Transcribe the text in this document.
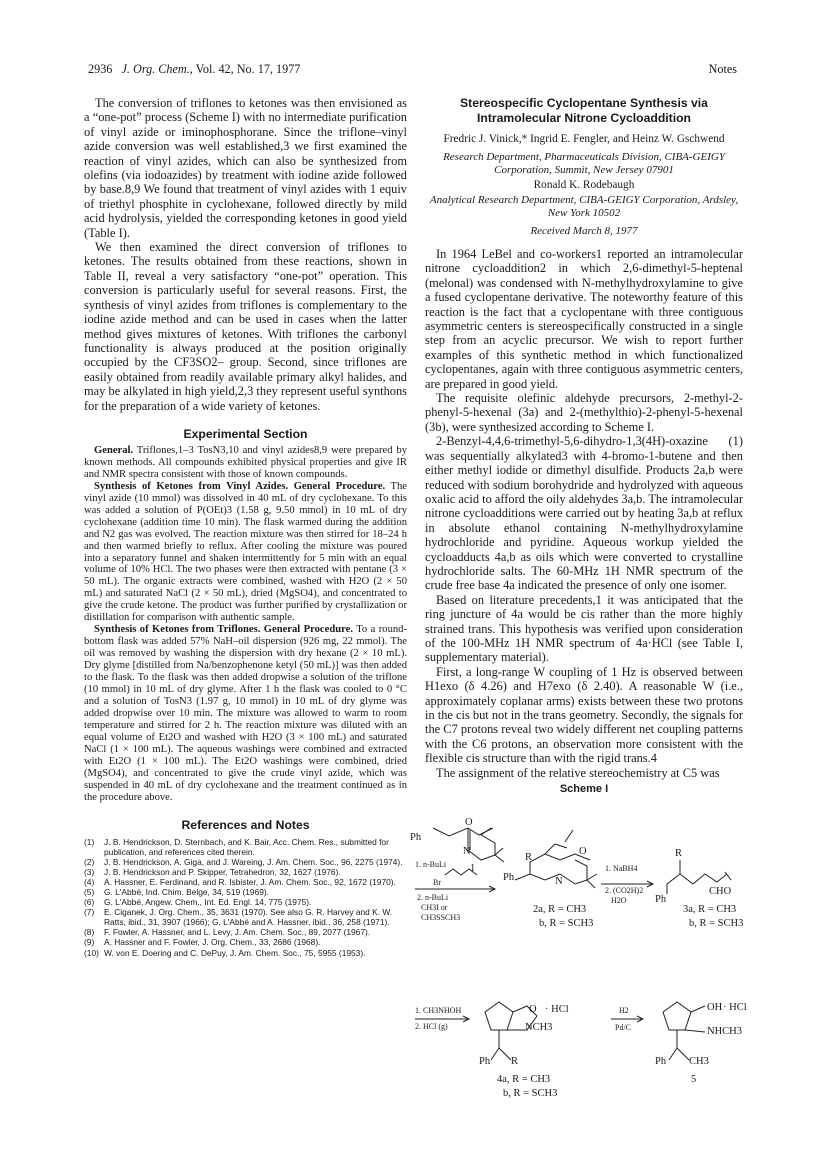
2936 J. Org. Chem., Vol. 42, No. 17, 1977	Notes

The conversion of triflones to ketones was then envisioned as a “one-pot” process (Scheme I) with no intermediate purification of vinyl azide or iminophosphorane. Since the triflone–vinyl azide conversion was well established,3 we first examined the reaction of vinyl azides, which can also be synthesized from olefins (via iodoazides) by treatment with iodine azide followed by base.8,9 We found that treatment of vinyl azides with 1 equiv of triethyl phosphite in cyclohexane, followed directly by mild acid hydrolysis, yielded the corresponding ketones in good yield (Table I).

We then examined the direct conversion of triflones to ketones. The results obtained from these reactions, shown in Table II, reveal a very satisfactory “one-pot” operation. This conversion is particularly useful for several reasons. First, the synthesis of vinyl azides from triflones is complementary to the iodine azide method and can be used in cases when the latter method gives mixtures of ketones. With triflones the carbonyl functionality is always produced at the position originally occupied by the CF3SO2– group. Second, since triflones are easily obtained from readily available primary alkyl halides, and may be alkylated in high yield,2,3 they represent useful synthons for the preparation of a wide variety of ketones.

Experimental Section

General. Triflones,1–3 TosN3,10 and vinyl azides8,9 were prepared by known methods. All compounds exhibited physical properties and give IR and NMR spectra consistent with those of known compounds.

Synthesis of Ketones from Vinyl Azides. General Procedure. The vinyl azide (10 mmol) was dissolved in 40 mL of dry cyclohexane. To this was added a solution of P(OEt)3 (1.58 g, 9.50 mmol) in 10 mL of dry cyclohexane (addition time 10 min). The flask warmed during the addition and N2 gas was evolved. The reaction mixture was then stirred for 18–24 h and then warmed briefly to reflux. After cooling the mixture was poured into a separatory funnel and shaken intermittently for 5 min with an equal volume of 10% HCl. The two phases were then extracted with pentane (3 × 50 mL). The organic extracts were combined, washed with H2O (2 × 50 mL) and saturated NaCl (2 × 50 mL), dried (MgSO4), and concentrated to give the crude ketone. The product was further purified by crystallization or distillation for comparison with authentic sample.

Synthesis of Ketones from Triflones. General Procedure. To a round-bottom flask was added 57% NaH–oil dispersion (926 mg, 22 mmol). The oil was removed by washing the dispersion with dry hexane (2 × 10 mL). Dry glyme [distilled from Na/benzophenone ketyl (50 mL)] was then added to the flask. To the flask was then added dropwise a solution of the triflone (10 mmol) in 10 mL of dry glyme. After 1 h the flask was cooled to 0 °C and a solution of TosN3 (1.97 g, 10 mmol) in 10 mL of dry glyme was added dropwise over 10 min. The mixture was allowed to warm to room temperature and stirred for 2 h. The reaction mixture was diluted with an equal volume of Et2O and washed with H2O (3 × 100 mL) and saturated NaCl (1 × 100 mL). The aqueous washings were combined and extracted with Et2O (1 × 100 mL). The Et2O washings were combined, dried (MgSO4), and concentrated to give the crude vinyl azide, which was suspended in 40 mL of dry cyclohexane and the treatment continued as in the procedure above.

References and Notes
(1) J. B. Hendrickson, D. Sternbach, and K. Bair, Acc. Chem. Res., submitted for publication, and references cited therein.
(2) J. B. Hendrickson, A. Giga, and J. Wareing, J. Am. Chem. Soc., 96, 2275 (1974).
(3) J. B. Hendrickson and P. Skipper, Tetrahedron, 32, 1627 (1976).
(4) A. Hassner, E. Ferdinand, and R. Isbister, J. Am. Chem. Soc., 92, 1672 (1970).
(5) G. L'Abbé, Ind. Chim. Belge, 34, 519 (1969).
(6) G. L'Abbé, Angew. Chem., Int. Ed. Engl. 14, 775 (1975).
(7) E. Ciganek, J. Org. Chem., 35, 3631 (1970). See also G. R. Harvey and K. W. Ratts, ibid., 31, 3907 (1966); G. L'Abbé and A. Hassner, ibid., 36, 258 (1971).
(8) F. Fowler, A. Hassner, and L. Levy, J. Am. Chem. Soc., 89, 2077 (1967).
(9) A. Hassner and F. Fowler, J. Org. Chem., 33, 2686 (1968).
(10) W. von E. Doering and C. DePuy, J. Am. Chem. Soc., 75, 5955 (1953).
Stereospecific Cyclopentane Synthesis via Intramolecular Nitrone Cycloaddition
Fredric J. Vinick,* Ingrid E. Fengler, and Heinz W. Gschwend
Research Department, Pharmaceuticals Division, CIBA-GEIGY Corporation, Summit, New Jersey 07901
Ronald K. Rodebaugh
Analytical Research Department, CIBA-GEIGY Corporation, Ardsley, New York 10502
Received March 8, 1977

In 1964 LeBel and co-workers1 reported an intramolecular nitrone cycloaddition2 in which 2,6-dimethyl-5-heptenal (melonal) was condensed with N-methylhydroxylamine to give a fused cyclopentane derivative. The noteworthy feature of this reaction is the fact that a cyclopentane with three contiguous asymmetric centers is stereospecifically constructed in a single step from an acyclic precursor. We wish to report further examples of this synthetic method in which functionalized cyclopentanes, again with three contiguous asymmetric centers, are prepared in good yield.

The requisite olefinic aldehyde precursors, 2-methyl-2-phenyl-5-hexenal (3a) and 2-(methylthio)-2-phenyl-5-hexenal (3b), were synthesized according to Scheme I.

2-Benzyl-4,4,6-trimethyl-5,6-dihydro-1,3(4H)-oxazine (1) was sequentially alkylated3 with 4-bromo-1-butene and then either methyl iodide or dimethyl disulfide. Products 2a,b were reduced with sodium borohydride and hydrolyzed with aqueous oxalic acid to afford the oily aldehydes 3a,b. The intramolecular nitrone cycloadditions were carried out by heating 3a,b at reflux in absolute ethanol containing N-methylhydroxylamine hydrochloride and pyridine. Aqueous workup yielded the cycloadducts 4a,b as oils which were converted to crystalline hydrochloride salts. The 60-MHz 1H NMR spectrum of the crude free base 4a indicated the presence of only one isomer.

Based on literature precedents,1 it was anticipated that the ring juncture of 4a would be cis rather than the more highly strained trans. This hypothesis was verified upon consideration of the 100-MHz 1H NMR spectrum of 4a·HCl (see Table I, supplementary material).

First, a long-range W coupling of 1 Hz is observed between H1exo (δ 4.26) and H7exo (δ 2.40). A reasonable W (i.e., approximately coplanar arms) exists between these two protons in the cis but not in the trans geometry. Secondly, the signals for the C7 protons reveal two widely different net coupling patterns with the C6 protons, an observation more consistent with the flexible cis structure than with the rigid trans.4

The assignment of the relative stereochemistry at C5 was

Scheme I
Ph
O
N
1
1. n-BuLi
Br
2. n-BuLi
CH3I or
CH3SSCH3
R
Ph
O
N
2a, R = CH3
b, R = SCH3
1. NaBH4
2. (CO2H)2
H2O
R
Ph
CHO
3a, R = CH3
b, R = SCH3
1. CH3NHOH
2. HCl (g)
O · HCl
NCH3
Ph R
4a, R = CH3
b, R = SCH3
H2
Pd/C
OH · HCl
NHCH3
Ph CH3
5
